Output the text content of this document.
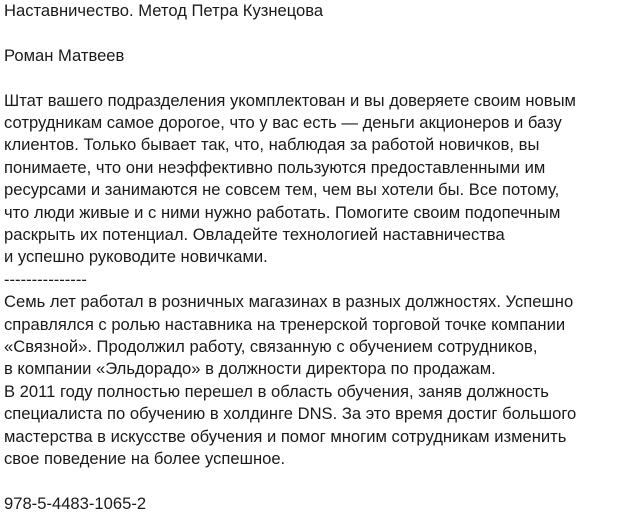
Наставничество. Метод Петра Кузнецова
Роман Матвеев
Штат вашего подразделения укомплектован и вы доверяете своим новым
сотрудникам самое дорогое, что у вас есть — деньги акционеров и базу
клиентов. Только бывает так, что, наблюдая за работой новичков, вы
понимаете, что они неэффективно пользуются предоставленными им
ресурсами и занимаются не совсем тем, чем вы хотели бы. Все потому,
что люди живые и с ними нужно работать. Помогите своим подопечным
раскрыть их потенциал. Овладейте технологией наставничества
и успешно руководите новичками.
---------------
Семь лет работал в розничных магазинах в разных должностях. Успешно
справлялся с ролью наставника на тренерской торговой точке компании
«Связной». Продолжил работу, связанную с обучением сотрудников,
в компании «Эльдорадо» в должности директора по продажам.
В 2011 году полностью перешел в область обучения, заняв должность
специалиста по обучению в холдинге DNS. За это время достиг большого
мастерства в искусстве обучения и помог многим сотрудникам изменить
свое поведение на более успешное.
978-5-4483-1065-2
